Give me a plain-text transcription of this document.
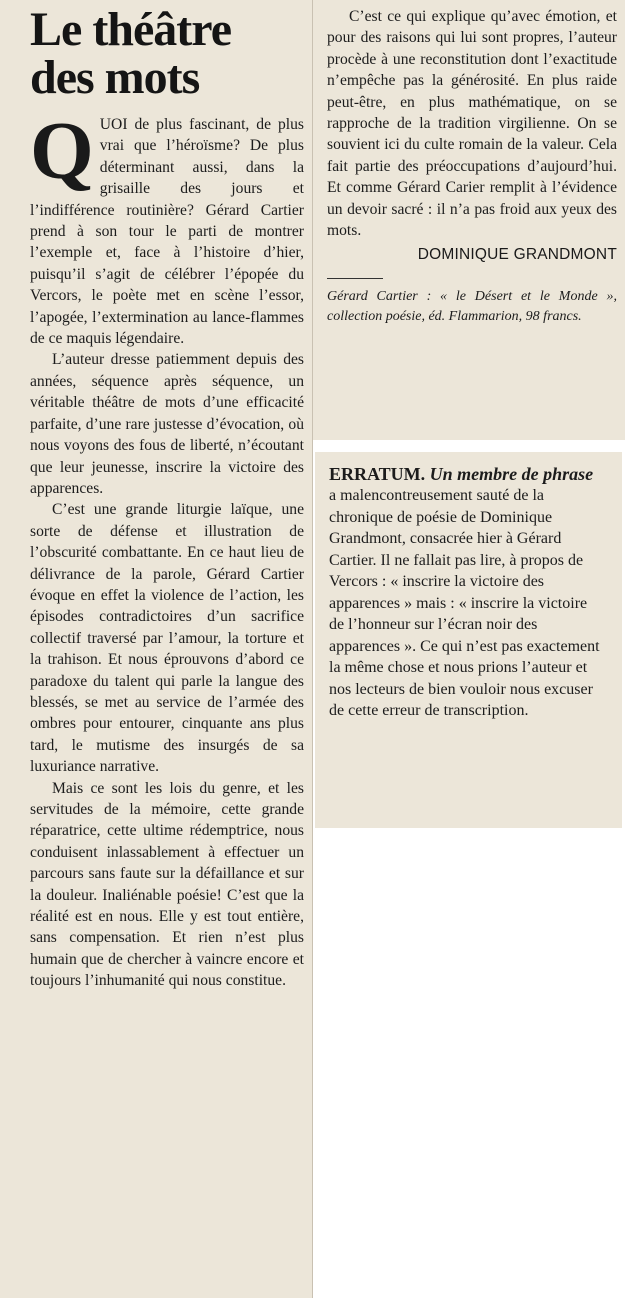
Le théâtre
des mots

QUOI de plus fascinant, de plus vrai que l’héroïsme? De plus déterminant aussi, dans la grisaille des jours et l’indifférence routinière? Gérard Cartier prend à son tour le parti de montrer l’exemple et, face à l’histoire d’hier, puisqu’il s’agit de célébrer l’épopée du Vercors, le poète met en scène l’essor, l’apogée, l’extermination au lance-flammes de ce maquis légendaire.

L’auteur dresse patiemment depuis des années, séquence après séquence, un véritable théâtre de mots d’une efficacité parfaite, d’une rare justesse d’évocation, où nous voyons des fous de liberté, n’écoutant que leur jeunesse, inscrire la victoire des apparences.

C’est une grande liturgie laïque, une sorte de défense et illustration de l’obscurité combattante. En ce haut lieu de délivrance de la parole, Gérard Cartier évoque en effet la violence de l’action, les épisodes contradictoires d’un sacrifice collectif traversé par l’amour, la torture et la trahison. Et nous éprouvons d’abord ce paradoxe du talent qui parle la langue des blessés, se met au service de l’armée des ombres pour entourer, cinquante ans plus tard, le mutisme des insurgés de sa luxuriance narrative.

Mais ce sont les lois du genre, et les servitudes de la mémoire, cette grande réparatrice, cette ultime rédemptrice, nous conduisent inlassablement à effectuer un parcours sans faute sur la défaillance et sur la douleur. Inaliénable poésie! C’est que la réalité est en nous. Elle y est tout entière, sans compensation. Et rien n’est plus humain que de chercher à vaincre encore et toujours l’inhumanité qui nous constitue.

C’est ce qui explique qu’avec émotion, et pour des raisons qui lui sont propres, l’auteur procède à une reconstitution dont l’exactitude n’empêche pas la générosité. En plus raide peut-être, en plus mathématique, on se rapproche de la tradition virgilienne. On se souvient ici du culte romain de la valeur. Cela fait partie des préoccupations d’aujourd’hui. Et comme Gérard Carier remplit à l’évidence un devoir sacré : il n’a pas froid aux yeux des mots.

DOMINIQUE GRANDMONT

Gérard Cartier : « le Désert et le Monde », collection poésie, éd. Flammarion, 98 francs.

ERRATUM. Un membre de phrase

a malencontreusement sauté de la chronique de poésie de Dominique Grandmont, consacrée hier à Gérard Cartier. Il ne fallait pas lire, à propos de Vercors : « inscrire la victoire des apparences » mais : « inscrire la victoire de l’honneur sur l’écran noir des apparences ». Ce qui n’est pas exactement la même chose et nous prions l’auteur et nos lecteurs de bien vouloir nous excuser de cette erreur de transcription.
